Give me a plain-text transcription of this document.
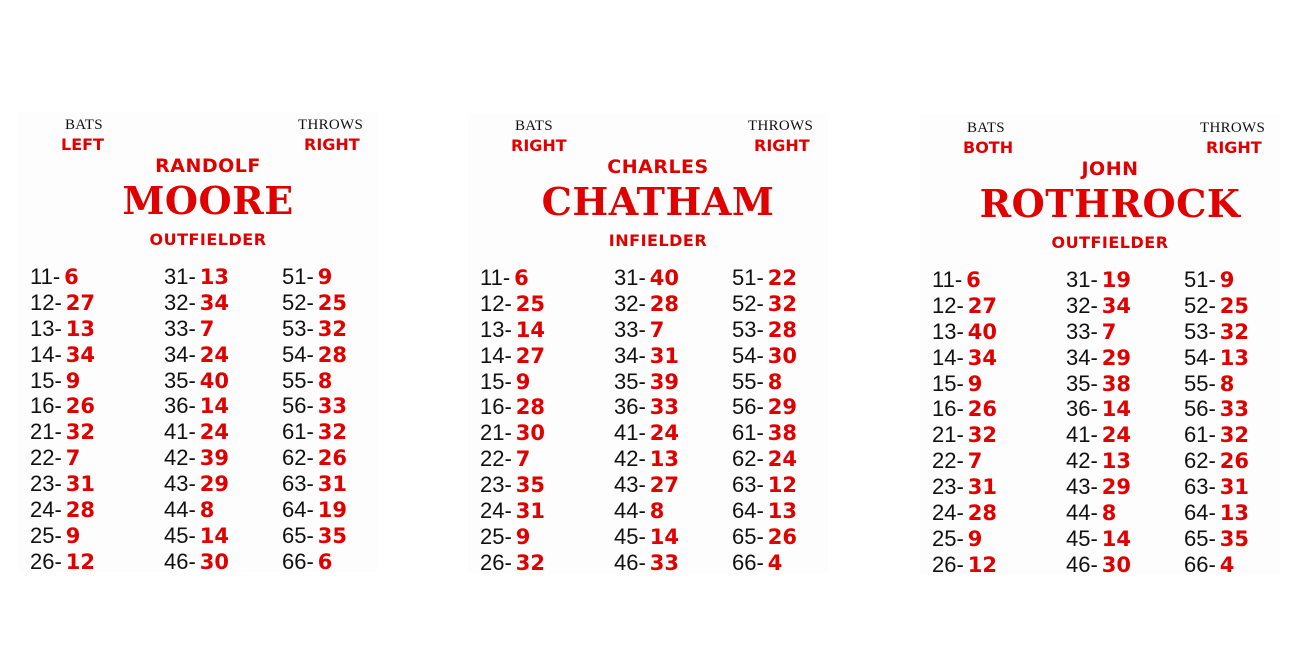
BATS
LEFT
THROWS
RIGHT
RANDOLF
MOORE
OUTFIELDER
11- 6
12- 27
13- 13
14- 34
15- 9
16- 26
21- 32
22- 7
23- 31
24- 28
25- 9
26- 12
31- 13
32- 34
33- 7
34- 24
35- 40
36- 14
41- 24
42- 39
43- 29
44- 8
45- 14
46- 30
51- 9
52- 25
53- 32
54- 28
55- 8
56- 33
61- 32
62- 26
63- 31
64- 19
65- 35
66- 6
BATS
RIGHT
THROWS
RIGHT
CHARLES
CHATHAM
INFIELDER
11- 6
12- 25
13- 14
14- 27
15- 9
16- 28
21- 30
22- 7
23- 35
24- 31
25- 9
26- 32
31- 40
32- 28
33- 7
34- 31
35- 39
36- 33
41- 24
42- 13
43- 27
44- 8
45- 14
46- 33
51- 22
52- 32
53- 28
54- 30
55- 8
56- 29
61- 38
62- 24
63- 12
64- 13
65- 26
66- 4
BATS
BOTH
THROWS
RIGHT
JOHN
ROTHROCK
OUTFIELDER
11- 6
12- 27
13- 40
14- 34
15- 9
16- 26
21- 32
22- 7
23- 31
24- 28
25- 9
26- 12
31- 19
32- 34
33- 7
34- 29
35- 38
36- 14
41- 24
42- 13
43- 29
44- 8
45- 14
46- 30
51- 9
52- 25
53- 32
54- 13
55- 8
56- 33
61- 32
62- 26
63- 31
64- 13
65- 35
66- 4
